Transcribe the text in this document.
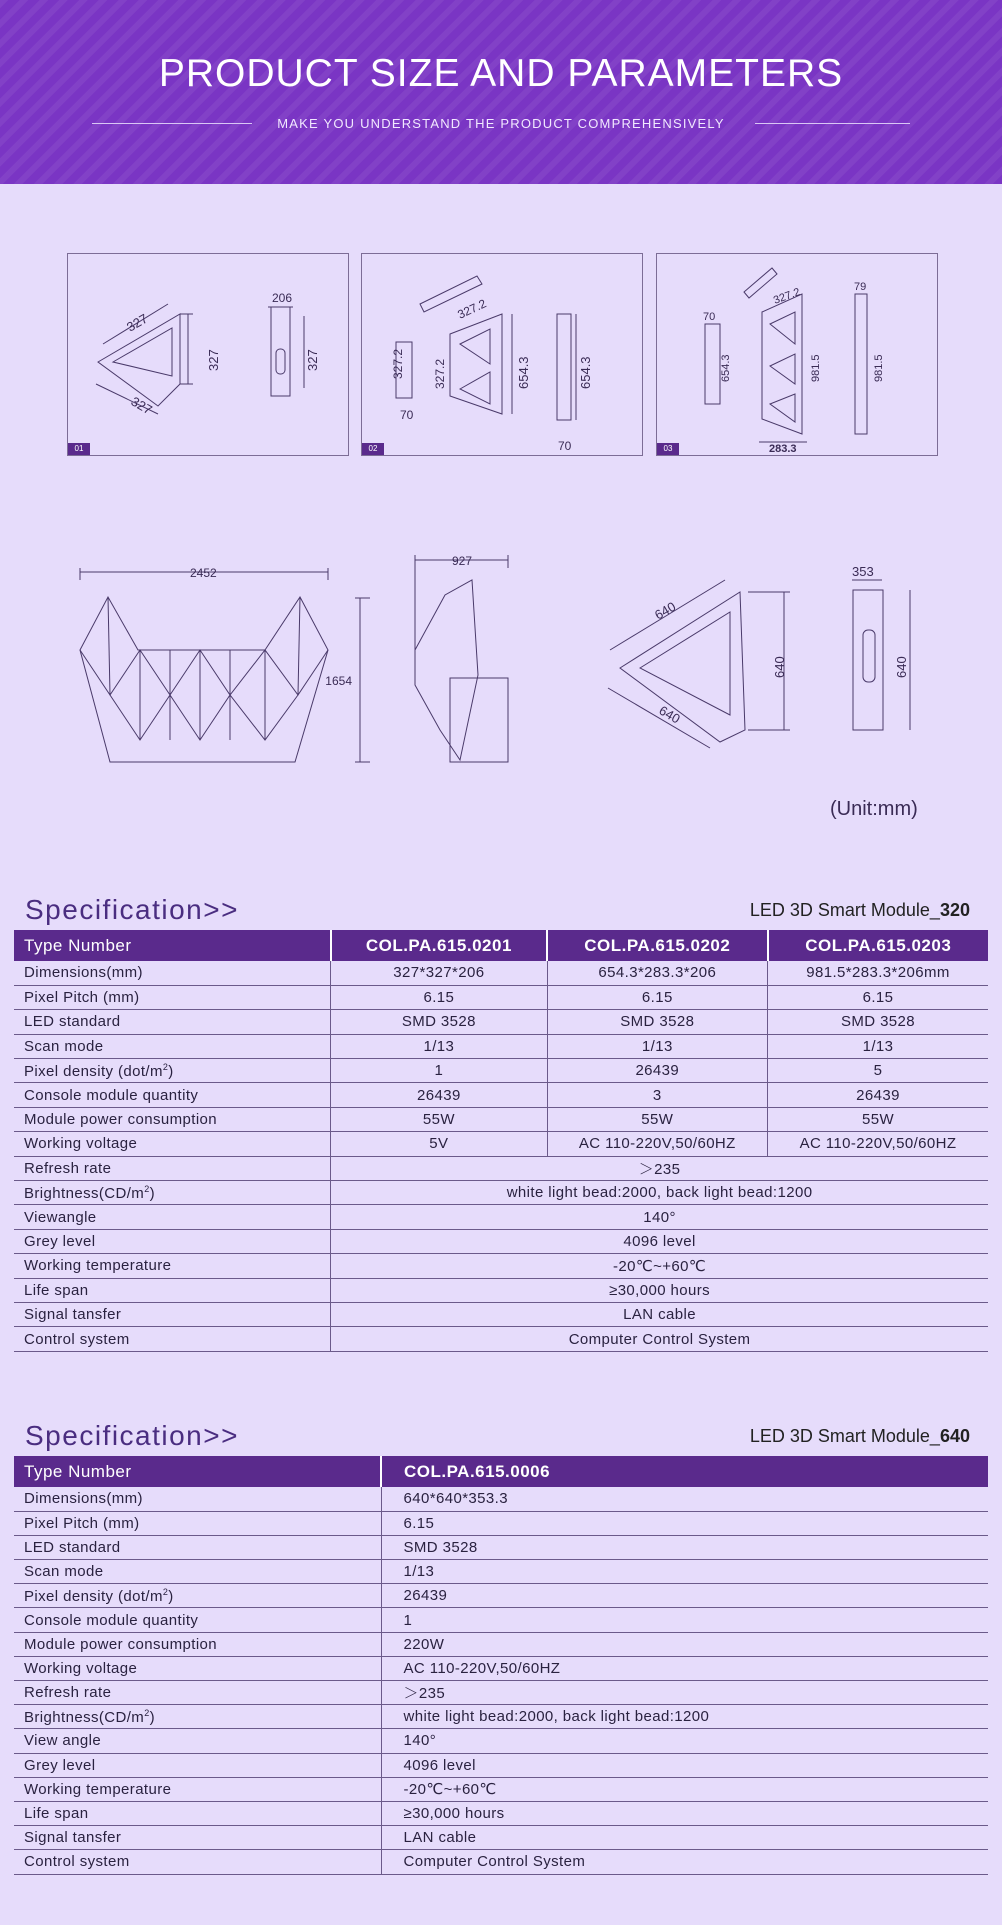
PRODUCT SIZE AND PARAMETERS
MAKE YOU UNDERSTAND THE PRODUCT COMPREHENSIVELY
327
327
327
206
327
01
327.2
327.2
327.2	654.3	654.3
70
70
02
327.2
70
654.3	981.5
79
981.5
283.3
03
2452
1654
927
640
640
640
353
640
(Unit:mm)
Specification>>	LED 3D Smart Module_320
Type Number	COL.PA.615.0201	COL.PA.615.0202	COL.PA.615.0203
Dimensions(mm)	327*327*206	654.3*283.3*206	981.5*283.3*206mm
Pixel Pitch (mm)	6.15	6.15	6.15
LED standard	SMD 3528	SMD 3528	SMD 3528
Scan mode	1/13	1/13	1/13
Pixel density $(dot/m^2)$	1	26439	5
Console module quantity	26439	3	26439
Module power consumption	55W	55W	55W
Working voltage	5V	AC 110-220V,50/60HZ	AC 110-220V,50/60HZ
Refresh rate	＞235		
$Brightness(CD/m^2)$	white light bead:2000, back light bead:1200		
Viewangle	140°		
Grey level	4096 level		
Working temperature	-20℃~+60℃		
Life span	≥30,000 hours		
Signal tansfer	LAN cable		
Control system	Computer Control System		
Specification>>	LED 3D Smart Module_640
Type Number	COL.PA.615.0006
Dimensions(mm)	640*640*353.3
Pixel Pitch (mm)	6.15
LED standard	SMD 3528
Scan mode	1/13
Pixel density $(dot/m^2)$	26439
Console module quantity	1
Module power consumption	220W
Working voltage	AC 110-220V,50/60HZ
Refresh rate	＞235
$Brightness(CD/m^2)$	white light bead:2000, back light bead:1200
View angle	140°
Grey level	4096 level
Working temperature	-20℃~+60℃
Life span	≥30,000 hours
Signal tansfer	LAN cable
Control system	Computer Control System
